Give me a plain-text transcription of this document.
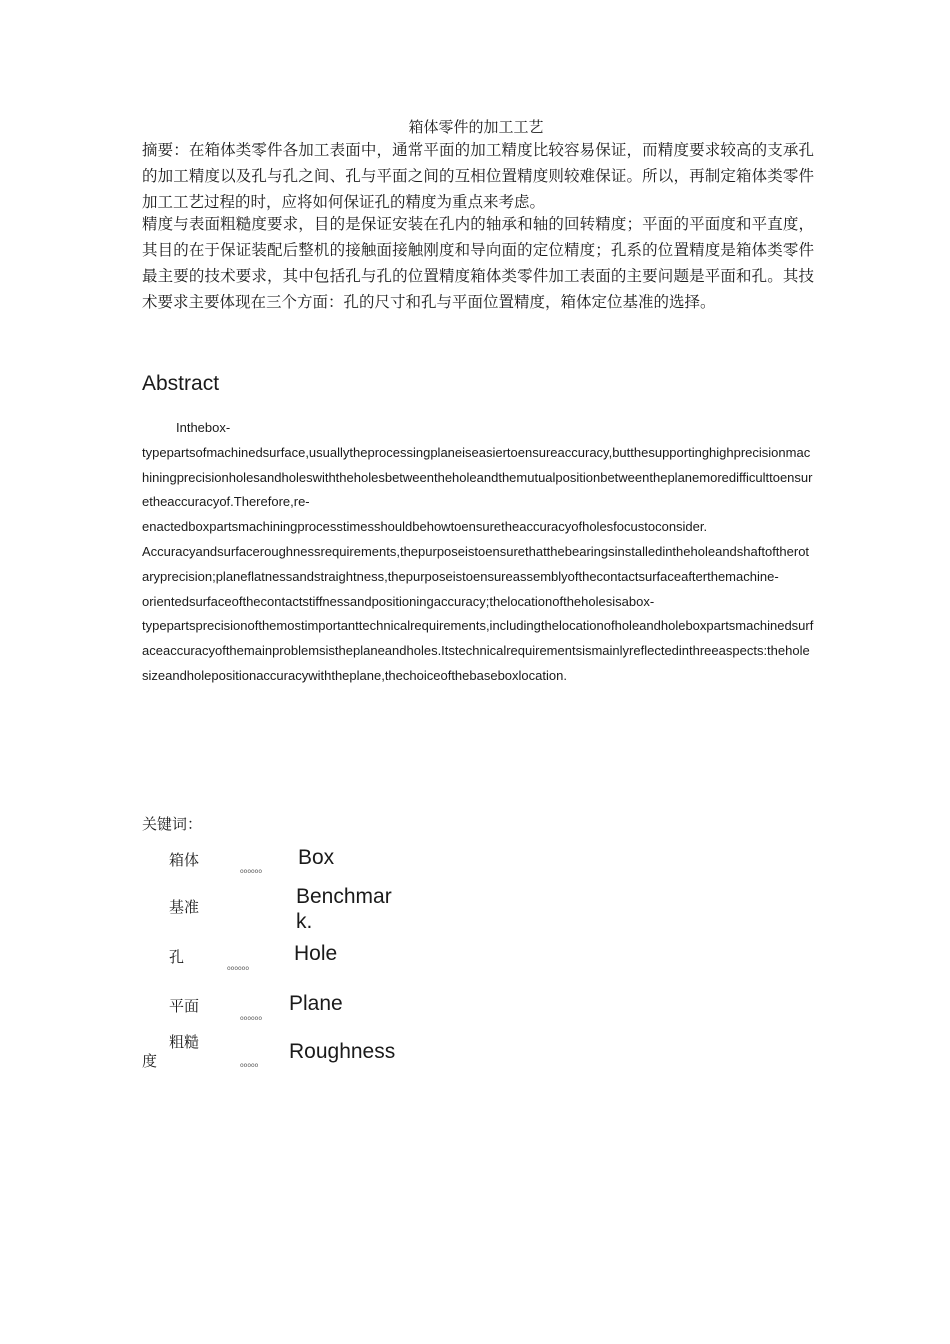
箱体零件的加工工艺
摘要：在箱体类零件各加工表面中，通常平面的加工精度比较容易保证，而精度要求较高的支承孔的加工精度以及孔与孔之间、孔与平面之间的互相位置精度则较难保证。所以，再制定箱体类零件加工工艺过程的时，应将如何保证孔的精度为重点来考虑。
精度与表面粗糙度要求，目的是保证安装在孔内的轴承和轴的回转精度；平面的平面度和平直度，其目的在于保证装配后整机的接触面接触刚度和导向面的定位精度；孔系的位置精度是箱体类零件最主要的技术要求，其中包括孔与孔的位置精度箱体类零件加工表面的主要问题是平面和孔。其技术要求主要体现在三个方面：孔的尺寸和孔与平面位置精度，箱体定位基准的选择。
Abstract

Inthebox-

typepartsofmachinedsurface,usuallytheprocessingplaneiseasiertoensureaccuracy,butthesupportinghighprecisionmachiningprecisionholesandholeswiththeholesbetweentheholeandthemutualpositionbetweentheplanemoredifficulttoensuretheaccuracyof.Therefore,re-

enactedboxpartsmachiningprocesstimesshouldbehowtoensuretheaccuracyofholesfocustoconsider.

Accuracyandsurfaceroughnessrequirements,thepurposeistoensurethatthebearingsinstalledintheholeandshaftoftherotaryprecision;planeflatnessandstraightness,thepurposeistoensureassemblyofthecontactsurfaceafterthemachine-

orientedsurfaceofthecontactstiffnessandpositioningaccuracy;thelocationoftheholesisabox-

typepartsprecisionofthemostimportanttechnicalrequirements,includingthelocationofholeandholeboxpartsmachinedsurfaceaccuracyofthemainproblemsistheplaneandholes.Itstechnicalrequirementsismainlyreflectedinthreeaspects:theholesizeandholepositionaccuracywiththeplane,thechoiceofthebaseboxlocation.

关键词：
箱体
oooooo
Box
基准	Benchmark.
孔
oooooo
Hole
平面
oooooo
Plane
粗糙
度	ooooo
Roughness
